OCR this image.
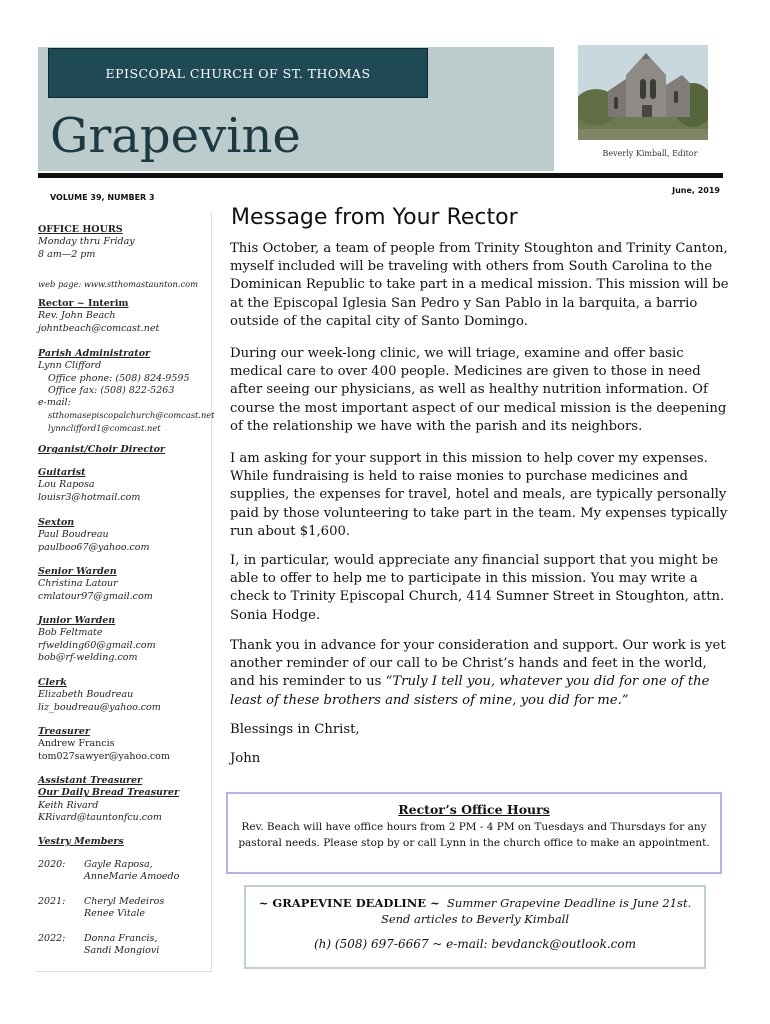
EPISCOPAL CHURCH OF ST. THOMAS
Grapevine	Beverly Kimball, Editor
VOLUME 39, NUMBER 3
June, 2019
OFFICE HOURS
Monday thru Friday
8 am—2 pm
web page: www.stthomastaunton.com
Rector ~ Interim
Rev. John Beach
johntbeach@comcast.net
Parish Administrator
Lynn Clifford
Office phone: (508) 824-9595
Office fax: (508) 822-5263
e-mail:
stthomasepiscopalchurch@comcast.net
lynnclifford1@comcast.net
Organist/Choir Director
Guitarist
Lou Raposa
louisr3@hotmail.com
Sexton
Paul Boudreau
paulboo67@yahoo.com
Senior Warden
Christina Latour
cmlatour97@gmail.com
Junior Warden
Bob Feltmate
rfwelding60@gmail.com
bob@rf-welding.com
Clerk
Elizabeth Boudreau
liz_boudreau@yahoo.com
Treasurer
Andrew Francis
tom027sawyer@yahoo.com
Assistant Treasurer
Our Daily Bread Treasurer
Keith Rivard
KRivard@tauntonfcu.com
Vestry Members
2020: Gayle Raposa,
AnneMarie Amoedo
2021: Cheryl Medeiros
Renee Vitale
2022: Donna Francis,
Sandi Mongiovi
Message from Your Rector
This October, a team of people from Trinity Stoughton and Trinity Canton, myself included will be traveling with others from South Carolina to the Dominican Republic to take part in a medical mission. This mission will be at the Episcopal Iglesia San Pedro y San Pablo in la barquita, a barrio outside of the capital city of Santo Domingo.
During our week-long clinic, we will triage, examine and offer basic medical care to over 400 people. Medicines are given to those in need after seeing our physicians, as well as healthy nutrition information. Of course the most important aspect of our medical mission is the deepening of the relationship we have with the parish and its neighbors.
I am asking for your support in this mission to help cover my expenses. While fundraising is held to raise monies to purchase medicines and supplies, the expenses for travel, hotel and meals, are typically personally paid by those volunteering to take part in the team. My expenses typically run about $1,600.
I, in particular, would appreciate any financial support that you might be able to offer to help me to participate in this mission. You may write a check to Trinity Episcopal Church, 414 Sumner Street in Stoughton, attn. Sonia Hodge.
Thank you in advance for your consideration and support. Our work is yet another reminder of our call to be Christ’s hands and feet in the world, and his reminder to us “Truly I tell you, whatever you did for one of the least of these brothers and sisters of mine, you did for me.”
Blessings in Christ,
John
Rector’s Office Hours
Rev. Beach will have office hours from 2 PM - 4 PM on Tuesdays and Thursdays for any pastoral needs. Please stop by or call Lynn in the church office to make an appointment.
~ GRAPEVINE DEADLINE ~ Summer Grapevine Deadline is June 21st.
Send articles to Beverly Kimball
(h) (508) 697-6667 ~ e-mail: bevdanck@outlook.com
